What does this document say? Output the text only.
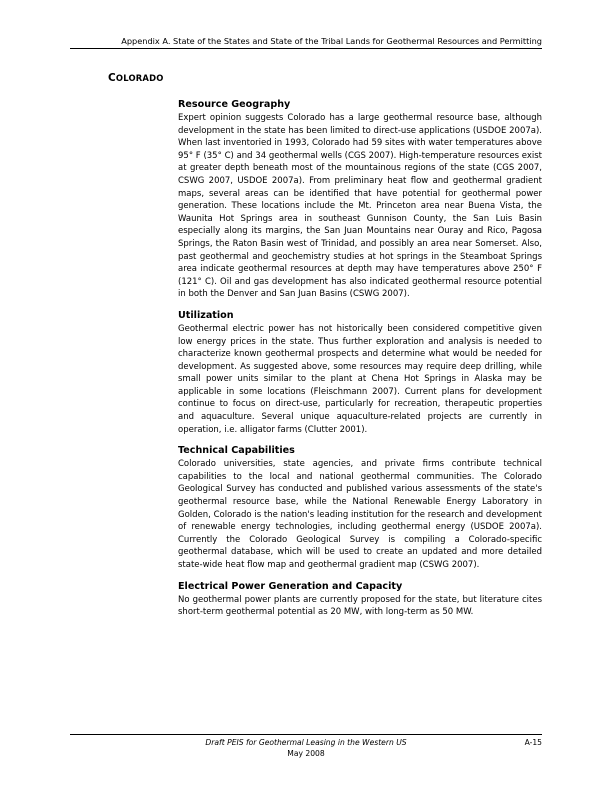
Appendix A. State of the States and State of the Tribal Lands for Geothermal Resources and Permitting
COLORADO
Resource Geography

Expert opinion suggests Colorado has a large geothermal resource base, although development in the state has been limited to direct-use applications (USDOE 2007a). When last inventoried in 1993, Colorado had 59 sites with water temperatures above 95° F (35° C) and 34 geothermal wells (CGS 2007). High-temperature resources exist at greater depth beneath most of the mountainous regions of the state (CGS 2007, CSWG 2007, USDOE 2007a). From preliminary heat flow and geothermal gradient maps, several areas can be identified that have potential for geothermal power generation. These locations include the Mt. Princeton area near Buena Vista, the Waunita Hot Springs area in southeast Gunnison County, the San Luis Basin especially along its margins, the San Juan Mountains near Ouray and Rico, Pagosa Springs, the Raton Basin west of Trinidad, and possibly an area near Somerset. Also, past geothermal and geochemistry studies at hot springs in the Steamboat Springs area indicate geothermal resources at depth may have temperatures above 250° F (121° C). Oil and gas development has also indicated geothermal resource potential in both the Denver and San Juan Basins (CSWG 2007).

Utilization

Geothermal electric power has not historically been considered competitive given low energy prices in the state. Thus further exploration and analysis is needed to characterize known geothermal prospects and determine what would be needed for development. As suggested above, some resources may require deep drilling, while small power units similar to the plant at Chena Hot Springs in Alaska may be applicable in some locations (Fleischmann 2007). Current plans for development continue to focus on direct-use, particularly for recreation, therapeutic properties and aquaculture. Several unique aquaculture-related projects are currently in operation, i.e. alligator farms (Clutter 2001).

Technical Capabilities

Colorado universities, state agencies, and private firms contribute technical capabilities to the local and national geothermal communities. The Colorado Geological Survey has conducted and published various assessments of the state's geothermal resource base, while the National Renewable Energy Laboratory in Golden, Colorado is the nation's leading institution for the research and development of renewable energy technologies, including geothermal energy (USDOE 2007a). Currently the Colorado Geological Survey is compiling a Colorado-specific geothermal database, which will be used to create an updated and more detailed state-wide heat flow map and geothermal gradient map (CSWG 2007).

Electrical Power Generation and Capacity

No geothermal power plants are currently proposed for the state, but literature cites short-term geothermal potential as 20 MW, with long-term as 50 MW.

Draft PEIS for Geothermal Leasing in the Western US	A-15
May 2008
